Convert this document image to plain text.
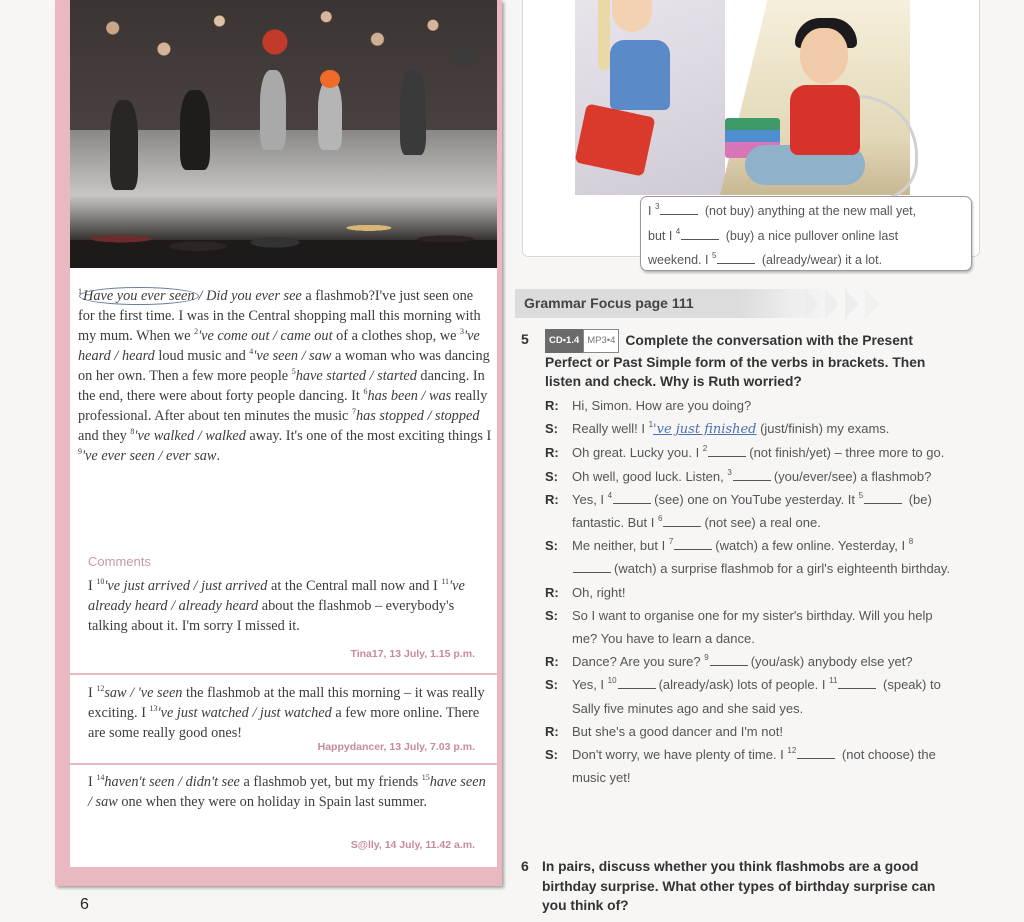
$^1$Have you ever seen / Did you ever see a flashmob?I've just seen one for the first time. I was in the Central shopping mall this morning with my mum. When we $^2$'ve come out / came out of a clothes shop, we $^3$'ve heard / heard loud music and $^4$'ve seen / saw a woman who was dancing on her own. Then a few more people $^5$have started / started dancing. In the end, there were about forty people dancing. It $^6$has been / was really professional. After about ten minutes the music $^7$has stopped / stopped and they $^8$'ve walked / walked away. It's one of the most exciting things I $^9$'ve ever seen / ever saw.
Comments
I $^{10}$'ve just arrived / just arrived at the Central mall now and I $^{11}$'ve already heard / already heard about the flashmob – everybody's talking about it. I'm sorry I missed it.
Tina17, 13 July, 1.15 p.m.
I $^{12}$saw / 've seen the flashmob at the mall this morning – it was really exciting. I $^{13}$'ve just watched / just watched a few more online. There are some really good ones!
Happydancer, 13 July, 7.03 p.m.
I $^{14}$haven't seen / didn't see a flashmob yet, but my friends $^{15}$have seen / saw one when they were on holiday in Spain last summer.
S@lly, 14 July, 11.42 a.m.
6
I $^3$	(not buy) anything at the new mall yet,
but I $^4$	(buy) a nice pullover online last
weekend. I $^5$	(already/wear) it a lot.
Grammar Focus page 111
5	CD•1.4 MP3•4 Complete the conversation with the Present Perfect or Past Simple form of the verbs in brackets. Then listen and check. Why is Ruth worried?
R: Hi, Simon. How are you doing?
S: Really well! I $^1$'ve just finished (just/finish) my exams.
R: Oh great. Lucky you. I $^2$	(not finish/yet) – three more to go.
S: Oh well, good luck. Listen, $^3$	(you/ever/see) a flashmob?
R: Yes, I $^4$	(see) one on YouTube yesterday. It $^5$	(be) fantastic. But I $^6$	(not see) a real one.
S: Me neither, but I $^7$	(watch) a few online. Yesterday, I $^8$(watch) a surprise flashmob for a girl's eighteenth birthday.
R: Oh, right!
S: So I want to organise one for my sister's birthday. Will you help me? You have to learn a dance.
R: Dance? Are you sure? $^9$	(you/ask) anybody else yet?
S: Yes, I $^{10}$	(already/ask) lots of people. I $^{11}$	(speak) to Sally five minutes ago and she said yes.
R: But she's a good dancer and I'm not!
S: Don't worry, we have plenty of time. I $^{12}$	(not choose) the music yet!
6 In pairs, discuss whether you think flashmobs are a good birthday surprise. What other types of birthday surprise can you think of?
